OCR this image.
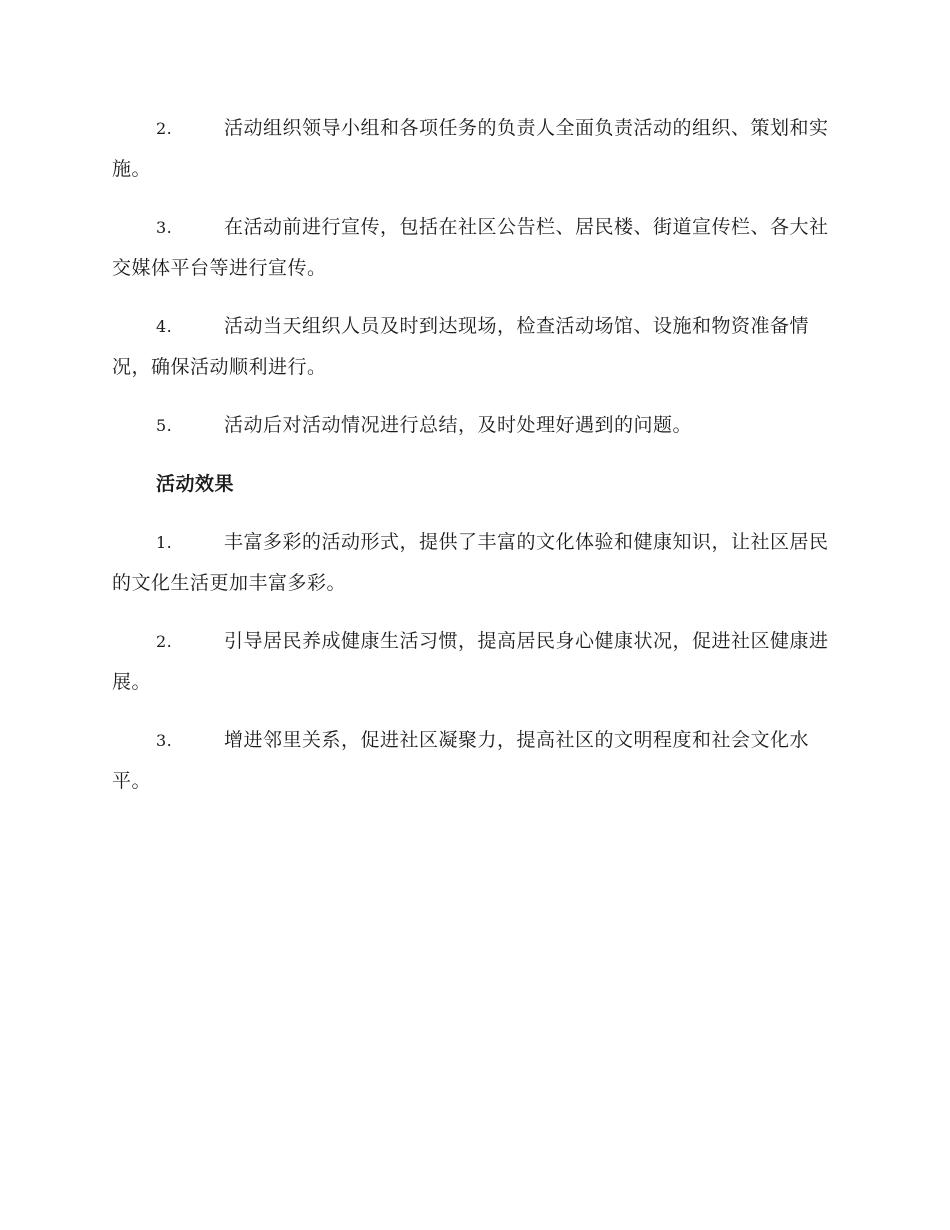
2.	活动组织领导小组和各项任务的负责人全面负责活动的组织、策划和实施。

3.	在活动前进行宣传，包括在社区公告栏、居民楼、街道宣传栏、各大社交媒体平台等进行宣传。

4.	活动当天组织人员及时到达现场，检查活动场馆、设施和物资准备情况，确保活动顺利进行。

5.	活动后对活动情况进行总结，及时处理好遇到的问题。

活动效果

1.	丰富多彩的活动形式，提供了丰富的文化体验和健康知识，让社区居民的文化生活更加丰富多彩。

2.	引导居民养成健康生活习惯，提高居民身心健康状况，促进社区健康进展。

3.	增进邻里关系，促进社区凝聚力，提高社区的文明程度和社会文化水平。
